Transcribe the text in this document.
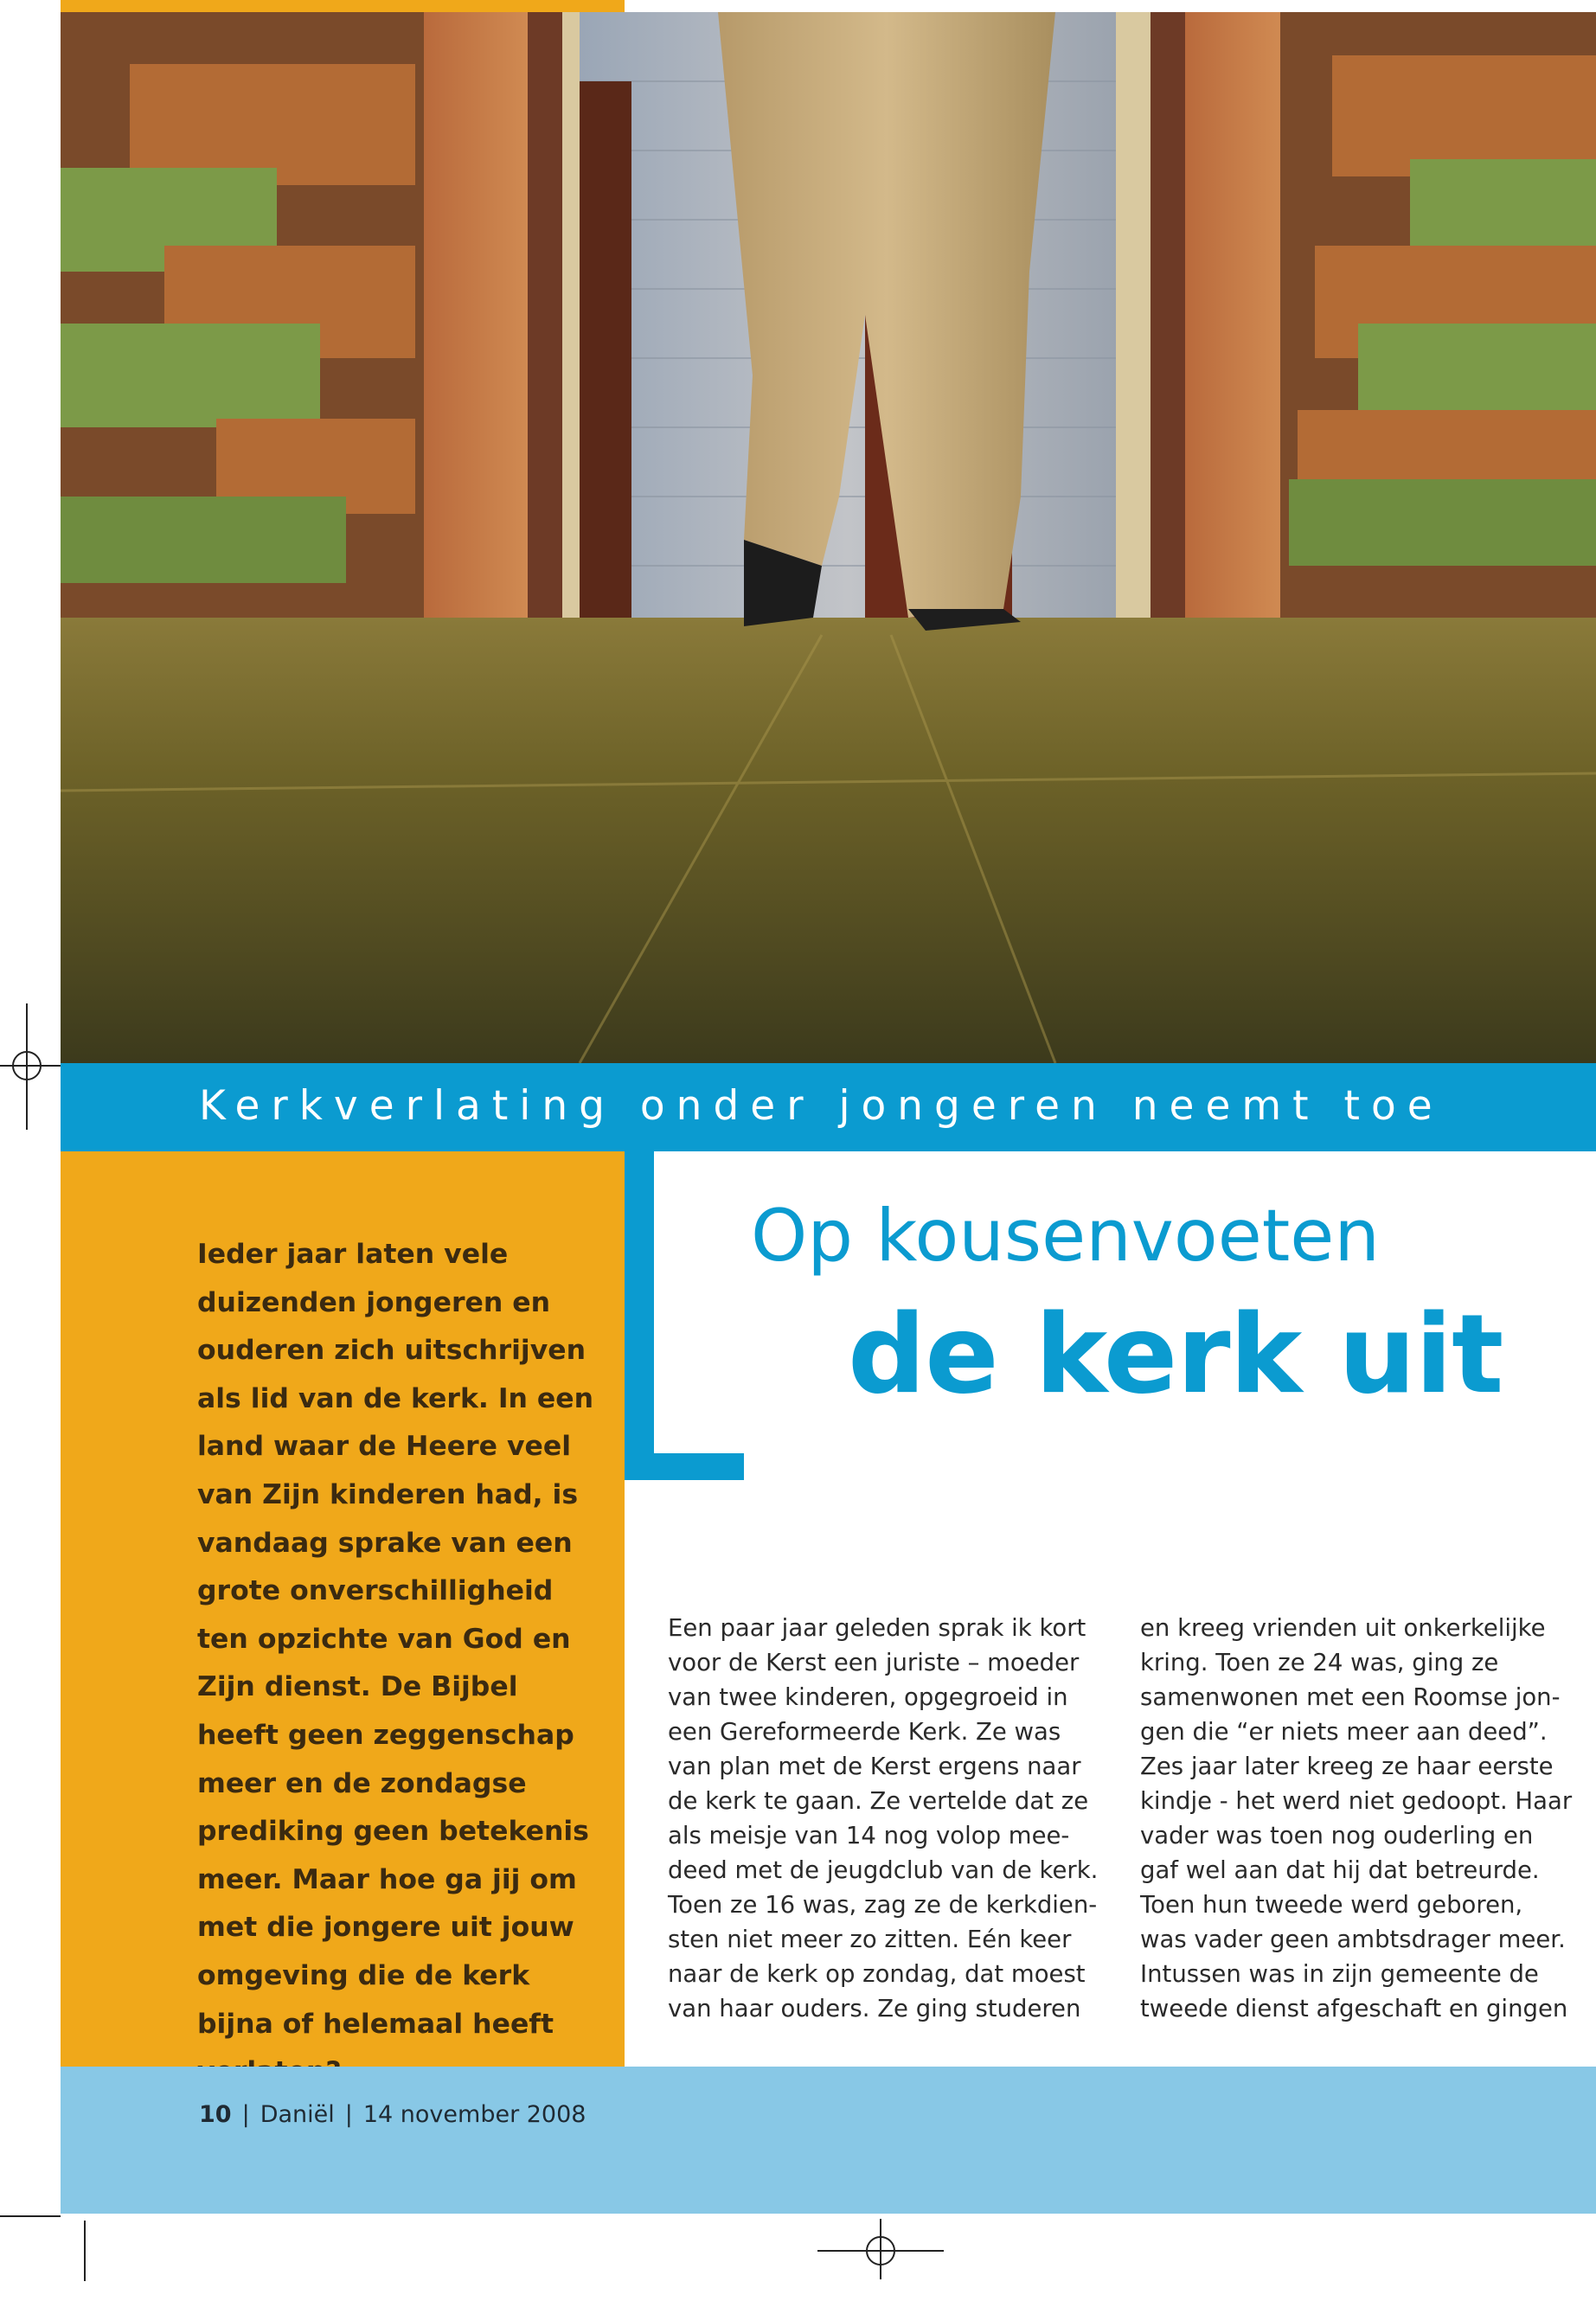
Kerkverlating onder jongeren neemt toe

Ieder jaar laten vele duizenden jongeren en ouderen zich uitschrijven als lid van de kerk. In een land waar de Heere veel van Zijn kinderen had, is vandaag sprake van een grote onverschilligheid ten opzichte van God en Zijn dienst. De Bijbel heeft geen zeggenschap meer en de zondagse prediking geen betekenis meer. Maar hoe ga jij om met die jongere uit jouw omgeving die de kerk bijna of helemaal heeft

Op kousenvoeten
de kerk uit

Een paar jaar geleden sprak ik kort
voor de Kerst een juriste – moeder
van twee kinderen, opgegroeid in
een Gereformeerde Kerk. Ze was
van plan met de Kerst ergens naar
de kerk te gaan. Ze vertelde dat ze
als meisje van 14 nog volop mee-
deed met de jeugdclub van de kerk.
Toen ze 16 was, zag ze de kerkdien-
sten niet meer zo zitten. Eén keer
naar de kerk op zondag, dat moest
van haar ouders. Ze ging studeren

en kreeg vrienden uit onkerkelijke
kring. Toen ze 24 was, ging ze
samenwonen met een Roomse jon-
gen die “er niets meer aan deed”.
Zes jaar later kreeg ze haar eerste
kindje - het werd niet gedoopt. Haar
vader was toen nog ouderling en
gaf wel aan dat hij dat betreurde.
Toen hun tweede werd geboren,
was vader geen ambtsdrager meer.
Intussen was in zijn gemeente de
tweede dienst afgeschaft en gingen

10 | Daniël | 14 november 2008
